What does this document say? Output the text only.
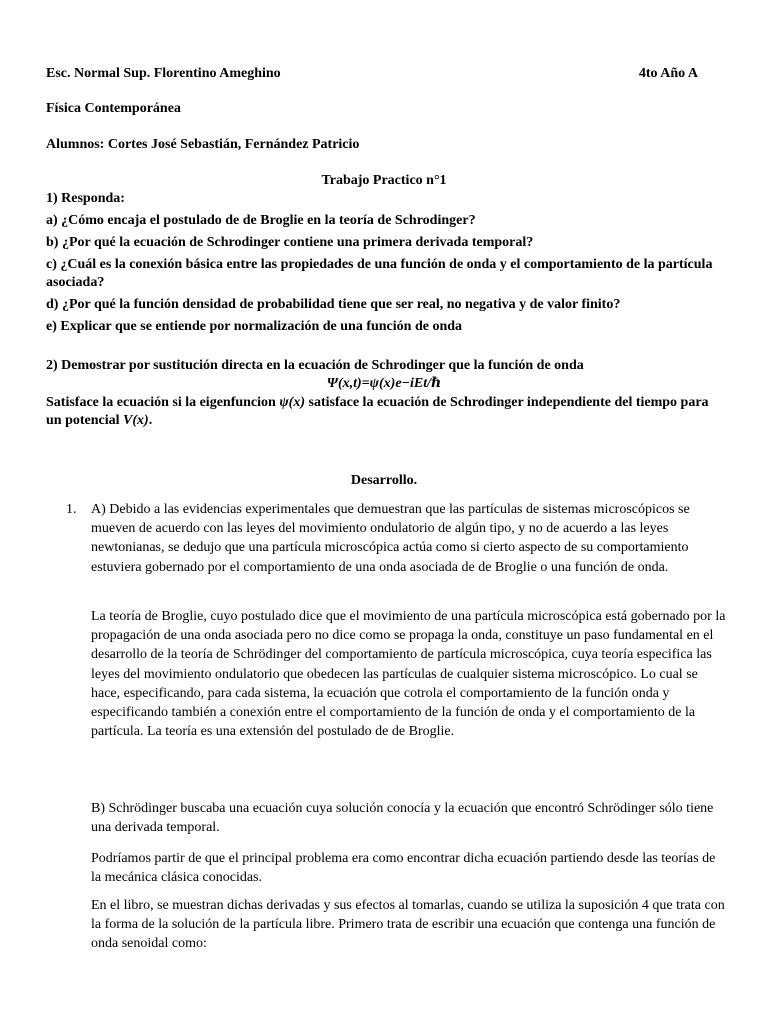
Esc. Normal Sup. Florentino Ameghino	4to Año A
Física Contemporánea
Alumnos: Cortes José Sebastián, Fernández Patricio
Trabajo Practico n°1
1) Responda:
a) ¿Cómo encaja el postulado de de Broglie en la teoría de Schrodinger?
b) ¿Por qué la ecuación de Schrodinger contiene una primera derivada temporal?
c) ¿Cuál es la conexión básica entre las propiedades de una función de onda y el comportamiento de la partícula asociada?
d) ¿Por qué la función densidad de probabilidad tiene que ser real, no negativa y de valor finito?
e) Explicar que se entiende por normalización de una función de onda
2) Demostrar por sustitución directa en la ecuación de Schrodinger que la función de onda
Ψ(x,t)=ψ(x)e−iEt/ℏ
Satisface la ecuación si la eigenfuncion ψ(x) satisface la ecuación de Schrodinger independiente del tiempo para un potencial V(x).
Desarrollo.
1. A) Debido a las evidencias experimentales que demuestran que las partículas de sistemas microscópicos se mueven de acuerdo con las leyes del movimiento ondulatorio de algún tipo, y no de acuerdo a las leyes newtonianas, se dedujo que una partícula microscópica actúa como si cierto aspecto de su comportamiento estuviera gobernado por el comportamiento de una onda asociada de de Broglie o una función de onda.

La teoría de Broglie, cuyo postulado dice que el movimiento de una partícula microscópica está gobernado por la propagación de una onda asociada pero no dice como se propaga la onda, constituye un paso fundamental en el desarrollo de la teoría de Schrödinger del comportamiento de partícula microscópica, cuya teoría especifica las leyes del movimiento ondulatorio que obedecen las partículas de cualquier sistema microscópico. Lo cual se hace, especificando, para cada sistema, la ecuación que cotrola el comportamiento de la función onda y especificando también a conexión entre el comportamiento de la función de onda y el comportamiento de la partícula. La teoría es una extensión del postulado de de Broglie.

B) Schrödinger buscaba una ecuación cuya solución conocía y la ecuación que encontró Schrödinger sólo tiene una derivada temporal.

Podríamos partir de que el principal problema era como encontrar dicha ecuación partiendo desde las teorías de la mecánica clásica conocidas.

En el libro, se muestran dichas derivadas y sus efectos al tomarlas, cuando se utiliza la suposición 4 que trata con la forma de la solución de la partícula libre. Primero trata de escribir una ecuación que contenga una función de onda senoidal como:
